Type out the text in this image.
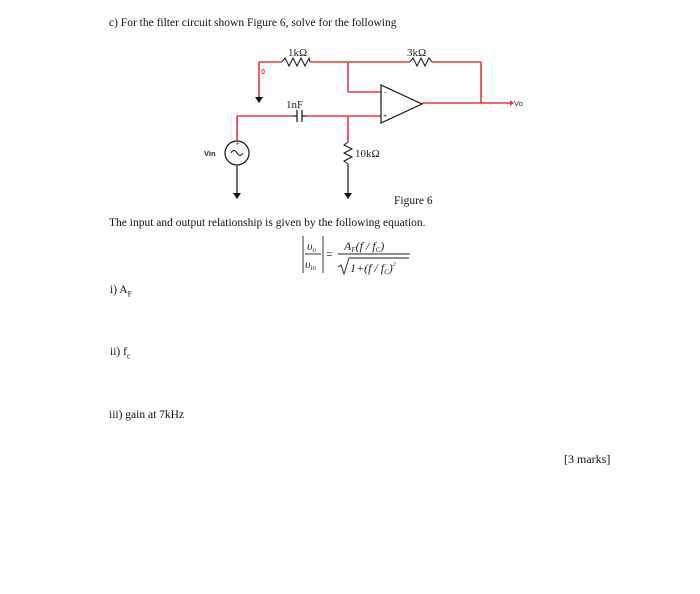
c) For the filter circuit shown Figure 6, solve for the following
1kΩ	3kΩ
0
1nF
10kΩ
+
Vin
-
+
Vo
υo
υin
=
AF(f / fC)
1+(f / fC)$^2$
Figure 6
The input and output relationship is given by the following equation.
i) $A_F$
ii) $f_c$
iii) gain at 7kHz
[3 marks]
